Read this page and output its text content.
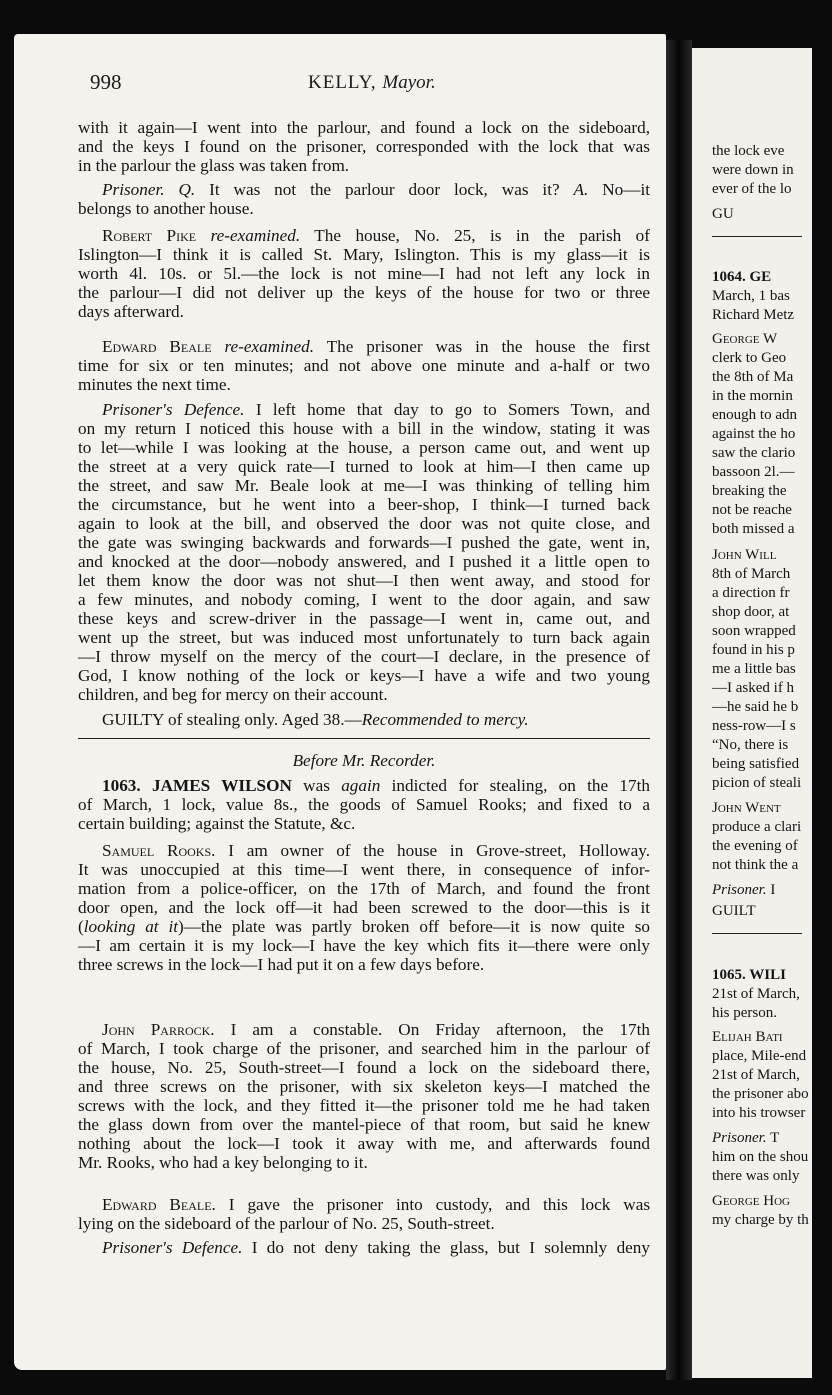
998	KELLY, Mayor.
with it again—I went into the parlour, and found a lock on the sideboard,
and the keys I found on the prisoner, corresponded with the lock that was
in the parlour the glass was taken from.
Prisoner. Q. It was not the parlour door lock, was it? A. No—it
belongs to another house.
Robert Pike re-examined. The house, No. 25, is in the parish of
Islington—I think it is called St. Mary, Islington. This is my glass—it is
worth 4l. 10s. or 5l.—the lock is not mine—I had not left any lock in
the parlour—I did not deliver up the keys of the house for two or three
days afterward.
Edward Beale re-examined. The prisoner was in the house the first
time for six or ten minutes; and not above one minute and a-half or two
minutes the next time.
Prisoner's Defence. I left home that day to go to Somers Town, and
on my return I noticed this house with a bill in the window, stating it was
to let—while I was looking at the house, a person came out, and went up
the street at a very quick rate—I turned to look at him—I then came up
the street, and saw Mr. Beale look at me—I was thinking of telling him
the circumstance, but he went into a beer-shop, I think—I turned back
again to look at the bill, and observed the door was not quite close, and
the gate was swinging backwards and forwards—I pushed the gate, went in,
and knocked at the door—nobody answered, and I pushed it a little open to
let them know the door was not shut—I then went away, and stood for
a few minutes, and nobody coming, I went to the door again, and saw
these keys and screw-driver in the passage—I went in, came out, and
went up the street, but was induced most unfortunately to turn back again
—I throw myself on the mercy of the court—I declare, in the presence of
God, I know nothing of the lock or keys—I have a wife and two young
children, and beg for mercy on their account.
GUILTY of stealing only. Aged 38.—Recommended to mercy.
Before Mr. Recorder.
1063. JAMES WILSON was again indicted for stealing, on the 17th
of March, 1 lock, value 8s., the goods of Samuel Rooks; and fixed to a
certain building; against the Statute, &c.
Samuel Rooks. I am owner of the house in Grove-street, Holloway.
It was unoccupied at this time—I went there, in consequence of infor-
mation from a police-officer, on the 17th of March, and found the front
door open, and the lock off—it had been screwed to the door—this is it
(looking at it)—the plate was partly broken off before—it is now quite so
—I am certain it is my lock—I have the key which fits it—there were only
three screws in the lock—I had put it on a few days before.
John Parrock. I am a constable. On Friday afternoon, the 17th
of March, I took charge of the prisoner, and searched him in the parlour of
the house, No. 25, South-street—I found a lock on the sideboard there,
and three screws on the prisoner, with six skeleton keys—I matched the
screws with the lock, and they fitted it—the prisoner told me he had taken
the glass down from over the mantel-piece of that room, but said he knew
nothing about the lock—I took it away with me, and afterwards found
Mr. Rooks, who had a key belonging to it.
Edward Beale. I gave the prisoner into custody, and this lock was
lying on the sideboard of the parlour of No. 25, South-street.
Prisoner's Defence. I do not deny taking the glass, but I solemnly deny
the lock eve
were down in
ever of the lo
GU
1064. GE
March, 1 bas
Richard Metz
George W
clerk to Geo
the 8th of Ma
in the mornin
enough to adn
against the ho
saw the clario
bassoon 2l.—
breaking the
not be reache
both missed a
John Will
8th of March
a direction fr
shop door, at
soon wrapped
found in his p
me a little bas
—I asked if h
—he said he b
ness-row—I s
“No, there is
being satisfied
picion of steali
John Went
produce a clari
the evening of
not think the a
Prisoner. I
GUILT
1065. WILI
21st of March,
his person.
Elijah Bati
place, Mile-end
21st of March,
the prisoner abo
into his trowser
Prisoner. T
him on the shou
there was only
George Hog
my charge by th
